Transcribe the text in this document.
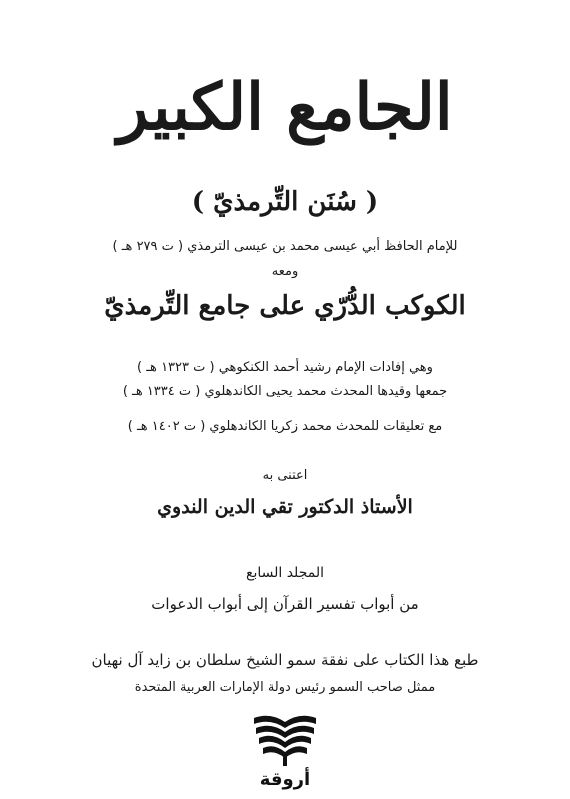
الجامع الكبير
( سُنَن التِّرمذيّ )
للإمام الحافظ أبي عيسى محمد بن عيسى الترمذي ( ت ٢٧٩ هـ )
ومعه
الكوكب الدُّرّي على جامع التِّرمذيّ
وهي إفادات الإمام رشيد أحمد الكنكوهي ( ت ١٣٢٣ هـ )
جمعها وقيدها المحدث محمد يحيى الكاندهلوي ( ت ١٣٣٤ هـ )
مع تعليقات للمحدث محمد زكريا الكاندهلوي ( ت ١٤٠٢ هـ )
اعتنى به
الأستاذ الدكتور تقي الدين الندوي
المجلد السابع
من أبواب تفسير القرآن إلى أبواب الدعوات
طبع هذا الكتاب على نفقة سمو الشيخ سلطان بن زايد آل نهيان
ممثل صاحب السمو رئيس دولة الإمارات العربية المتحدة
أروقة
